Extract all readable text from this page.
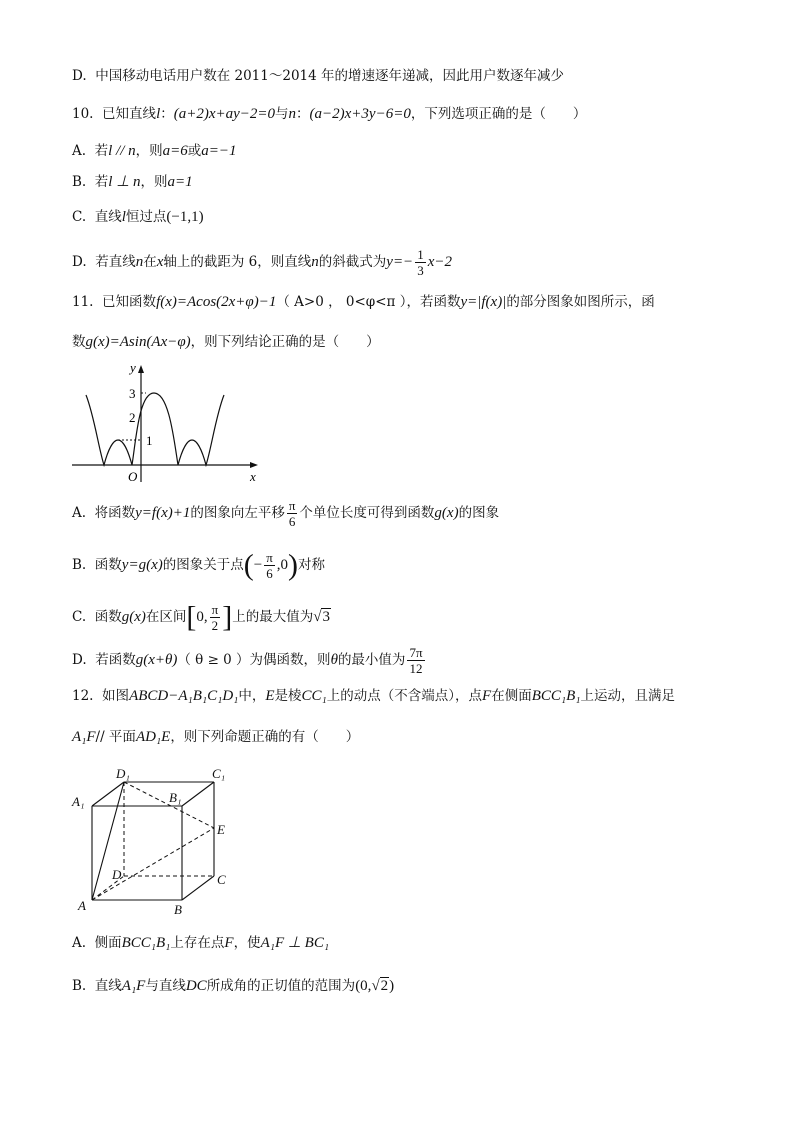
D.  中国移动电话用户数在 2011～2014 年的增速逐年递减，因此用户数逐年减少
10.  已知直线l：(a+2)x+ay−2=0与n：(a−2)x+3y−6=0，下列选项正确的是（　　）
A.  若l // n，则a=6或a=−1
B.  若l ⊥ n，则a=1
C.  直线l恒过点(−1,1)
D.  若直线n在x轴上的截距为 6，则直线n的斜截式为$y=- \frac{1}{3} x-2$
11.  已知函数f(x)=Acos(2x+φ)−1（ A>0 ， 0<φ<π ），若函数y=|f(x)|的部分图象如图所示，函
数g(x)=Asin(Ax−φ)，则下列结论正确的是（　　）
y
x
O
3
2
1
A.  将函数y=f(x)+1的图象向左平移 $\frac{\pi}{6}$ 个单位长度可得到函数g(x)的图象
B.  函数y=g(x)的图象关于点(− $\frac{\pi}{6} ,0$)对称
C.  函数g(x)在区间[0, $\frac{\pi}{2}$ ]上的最大值为√3
D.  若函数g(x+θ)（ θ ≥ 0 ）为偶函数，则θ的最小值为 $\frac{7\pi}{12}$
12.  如图ABCD−A₁B₁C₁D₁中，E是棱CC₁上的动点（不含端点），点F在侧面BCC₁B₁上运动，且满足
A₁F// 平面AD₁E，则下列命题正确的有（　　）
D₁	C₁
A₁	B₁
E
D	C
A	B
A.  侧面BCC₁B₁上存在点F，使A₁F ⊥ BC₁
B.  直线A₁F与直线DC所成角的正切值的范围为(0,√2)
